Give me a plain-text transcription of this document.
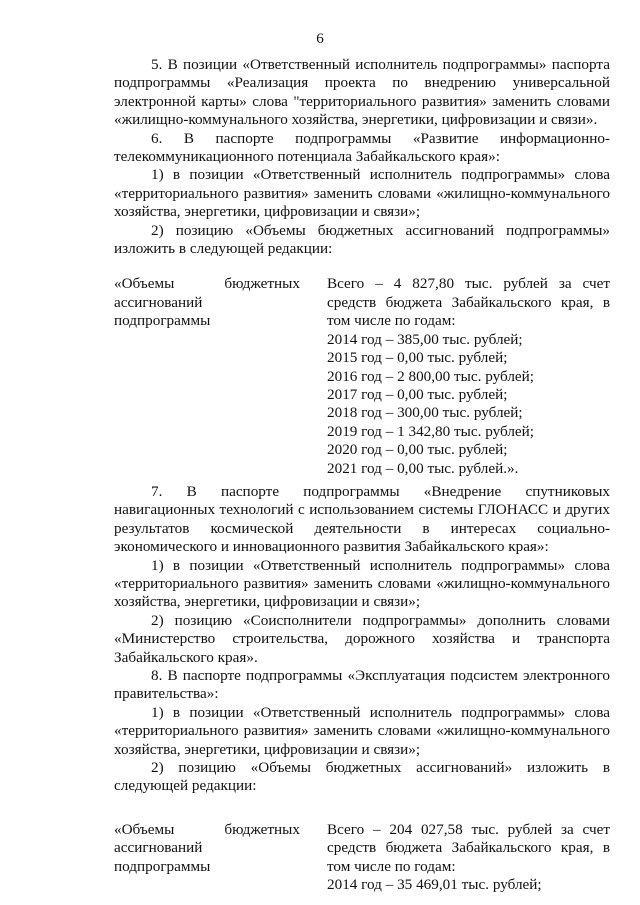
6

5. В позиции «Ответственный исполнитель подпрограммы» паспорта подпрограммы «Реализация проекта по внедрению универсальной электронной карты» слова "территориального развития» заменить словами «жилищно-коммунального хозяйства, энергетики, цифровизации и связи».

6. В паспорте подпрограммы «Развитие информационно-телекоммуникационного потенциала Забайкальского края»:

1) в позиции «Ответственный исполнитель подпрограммы» слова «территориального развития» заменить словами «жилищно-коммунального хозяйства, энергетики, цифровизации и связи»;

2) позицию «Объемы бюджетных ассигнований подпрограммы» изложить в следующей редакции:

«Объемы	бюджетных
ассигнований
подпрограммы
Всего – 4 827,80 тыс. рублей за счет средств бюджета Забайкальского края, в том числе по годам:
2014 год – 385,00 тыс. рублей;
2015 год – 0,00 тыс. рублей;
2016 год – 2 800,00 тыс. рублей;
2017 год – 0,00 тыс. рублей;
2018 год – 300,00 тыс. рублей;
2019 год – 1 342,80 тыс. рублей;
2020 год – 0,00 тыс. рублей;
2021 год – 0,00 тыс. рублей.».

7. В паспорте подпрограммы «Внедрение спутниковых навигационных технологий с использованием системы ГЛОНАСС и других результатов космической деятельности в интересах социально-экономического и инновационного развития Забайкальского края»:

1) в позиции «Ответственный исполнитель подпрограммы» слова «территориального развития» заменить словами «жилищно-коммунального хозяйства, энергетики, цифровизации и связи»;

2) позицию «Соисполнители подпрограммы» дополнить словами «Министерство строительства, дорожного хозяйства и транспорта Забайкальского края».

8. В паспорте подпрограммы «Эксплуатация подсистем электронного правительства»:

1) в позиции «Ответственный исполнитель подпрограммы» слова «территориального развития» заменить словами «жилищно-коммунального хозяйства, энергетики, цифровизации и связи»;

2) позицию «Объемы бюджетных ассигнований» изложить в следующей редакции:

«Объемы	бюджетных
ассигнований
подпрограммы
Всего – 204 027,58 тыс. рублей за счет средств бюджета Забайкальского края, в том числе по годам:
2014 год – 35 469,01 тыс. рублей;
